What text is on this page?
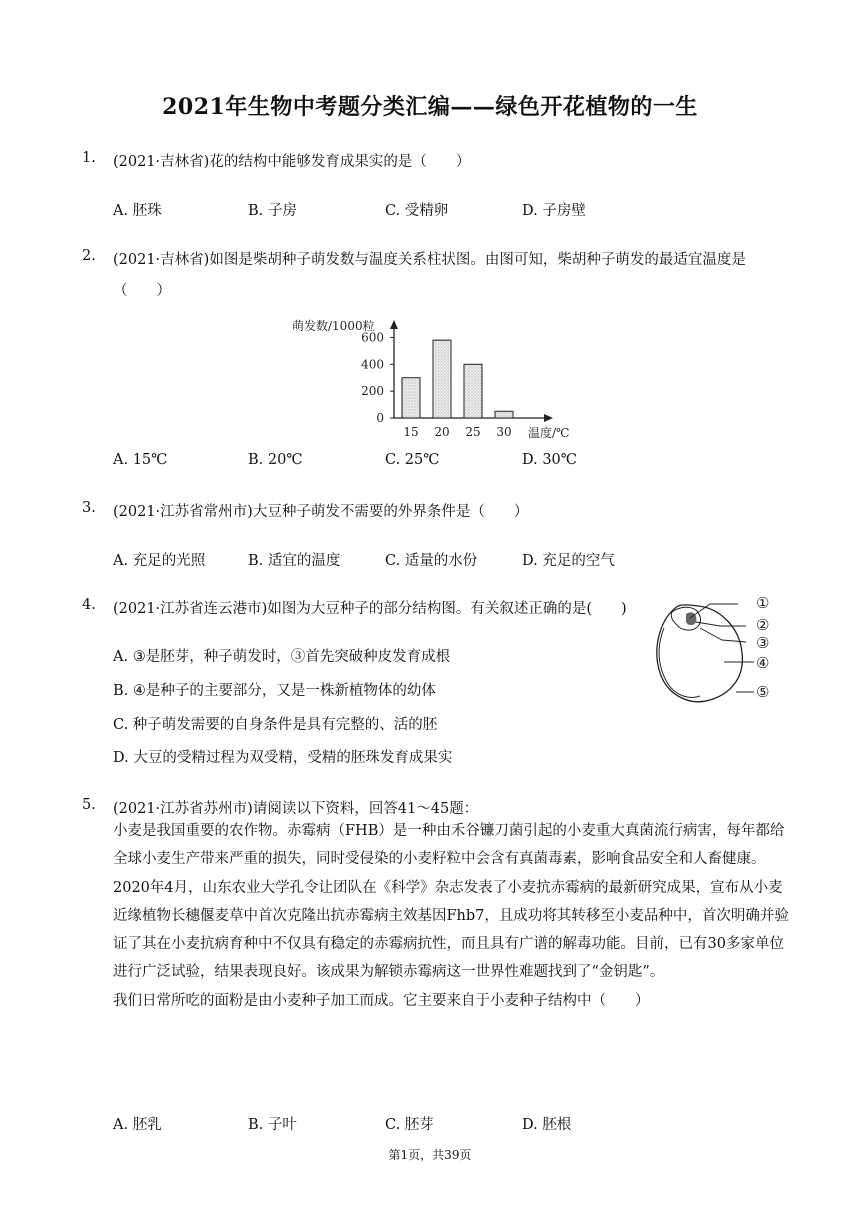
2021年生物中考题分类汇编——绿色开花植物的一生
1. (2021·吉林省)花的结构中能够发育成果实的是（　　）
A. 胚珠	B. 子房	C. 受精卵	D. 子房壁
2. (2021·吉林省)如图是柴胡种子萌发数与温度关系柱状图。由图可知，柴胡种子萌发的最适宜温度是
（　　）
萌发数/1000粒
0
200
400
600
15 20 25 30 温度/℃
A. 15℃	B. 20℃	C. 25℃	D. 30℃
3. (2021·江苏省常州市)大豆种子萌发不需要的外界条件是（　　）
A. 充足的光照	B. 适宜的温度	C. 适量的水份	D. 充足的空气
4. (2021·江苏省连云港市)如图为大豆种子的部分结构图。有关叙述正确的是(　　)
A. ③是胚芽，种子萌发时，③首先突破种皮发育成根
B. ④是种子的主要部分，又是一株新植物体的幼体
C. 种子萌发需要的自身条件是具有完整的、活的胚
D. 大豆的受精过程为双受精，受精的胚珠发育成果实
①
②
③
④
⑤
5. (2021·江苏省苏州市)请阅读以下资料，回答41～45题：

小麦是我国重要的农作物。赤霉病（FHB）是一种由禾谷镰刀菌引起的小麦重大真菌流行病害，每年都给全球小麦生产带来严重的损失，同时受侵染的小麦籽粒中会含有真菌毒素，影响食品安全和人畜健康。2020年4月，山东农业大学孔令让团队在《科学》杂志发表了小麦抗赤霉病的最新研究成果，宣布从小麦近缘植物长穗偃麦草中首次克隆出抗赤霉病主效基因Fhb7，且成功将其转移至小麦品种中，首次明确并验证了其在小麦抗病育种中不仅具有稳定的赤霉病抗性，而且具有广谱的解毒功能。目前，已有30多家单位进行广泛试验，结果表现良好。该成果为解锁赤霉病这一世界性难题找到了“金钥匙”。

我们日常所吃的面粉是由小麦种子加工而成。它主要来自于小麦种子结构中（　　）

A. 胚乳	B. 子叶	C. 胚芽	D. 胚根
第1页，共39页
